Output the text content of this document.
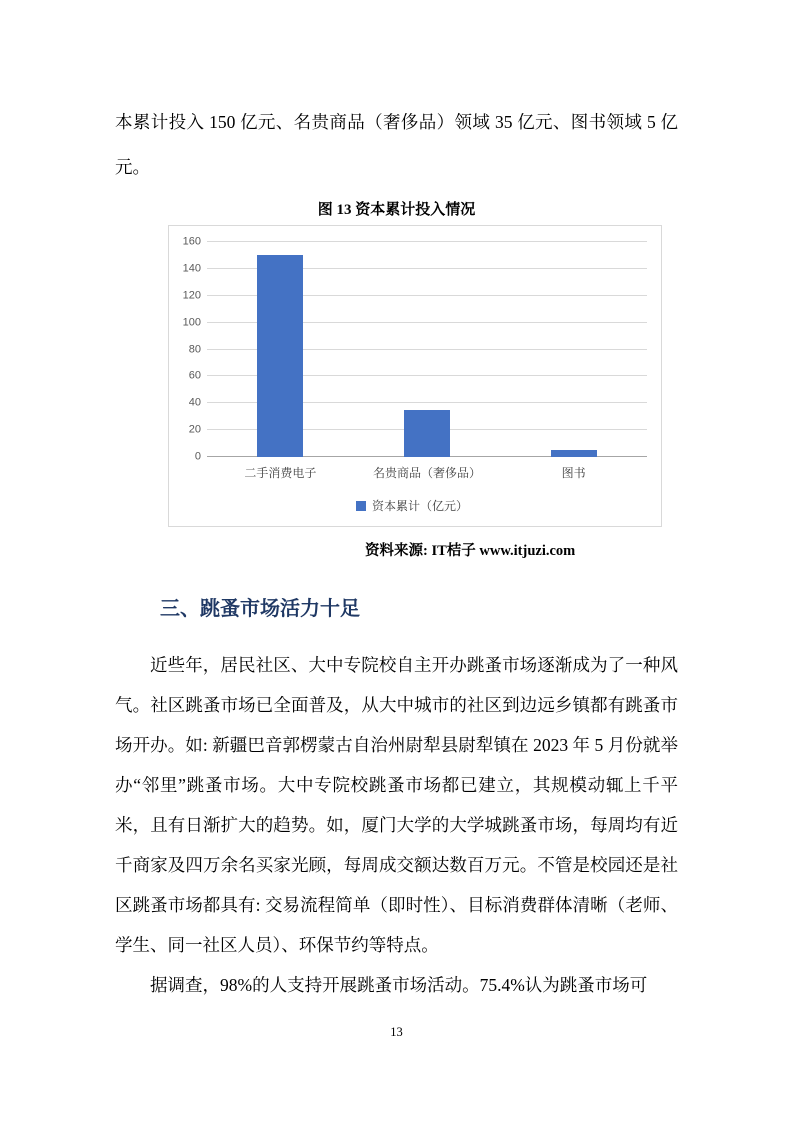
本累计投入 150 亿元、名贵商品（奢侈品）领域 35 亿元、图书领域 5 亿元。

图 13 资本累计投入情况
0
20
40
60
80
100
120
140
160
二手消费电子	名贵商品（奢侈品）	图书
资本累计（亿元）
资料来源: IT桔子 www.itjuzi.com
三、跳蚤市场活力十足

近些年，居民社区、大中专院校自主开办跳蚤市场逐渐成为了一种风气。社区跳蚤市场已全面普及，从大中城市的社区到边远乡镇都有跳蚤市场开办。如: 新疆巴音郭楞蒙古自治州尉犁县尉犁镇在 2023 年 5 月份就举办“邻里”跳蚤市场。大中专院校跳蚤市场都已建立，其规模动辄上千平米，且有日渐扩大的趋势。如，厦门大学的大学城跳蚤市场，每周均有近千商家及四万余名买家光顾，每周成交额达数百万元。不管是校园还是社区跳蚤市场都具有: 交易流程简单（即时性）、目标消费群体清晰（老师、学生、同一社区人员）、环保节约等特点。

据调查，98%的人支持开展跳蚤市场活动。75.4%认为跳蚤市场可

13
